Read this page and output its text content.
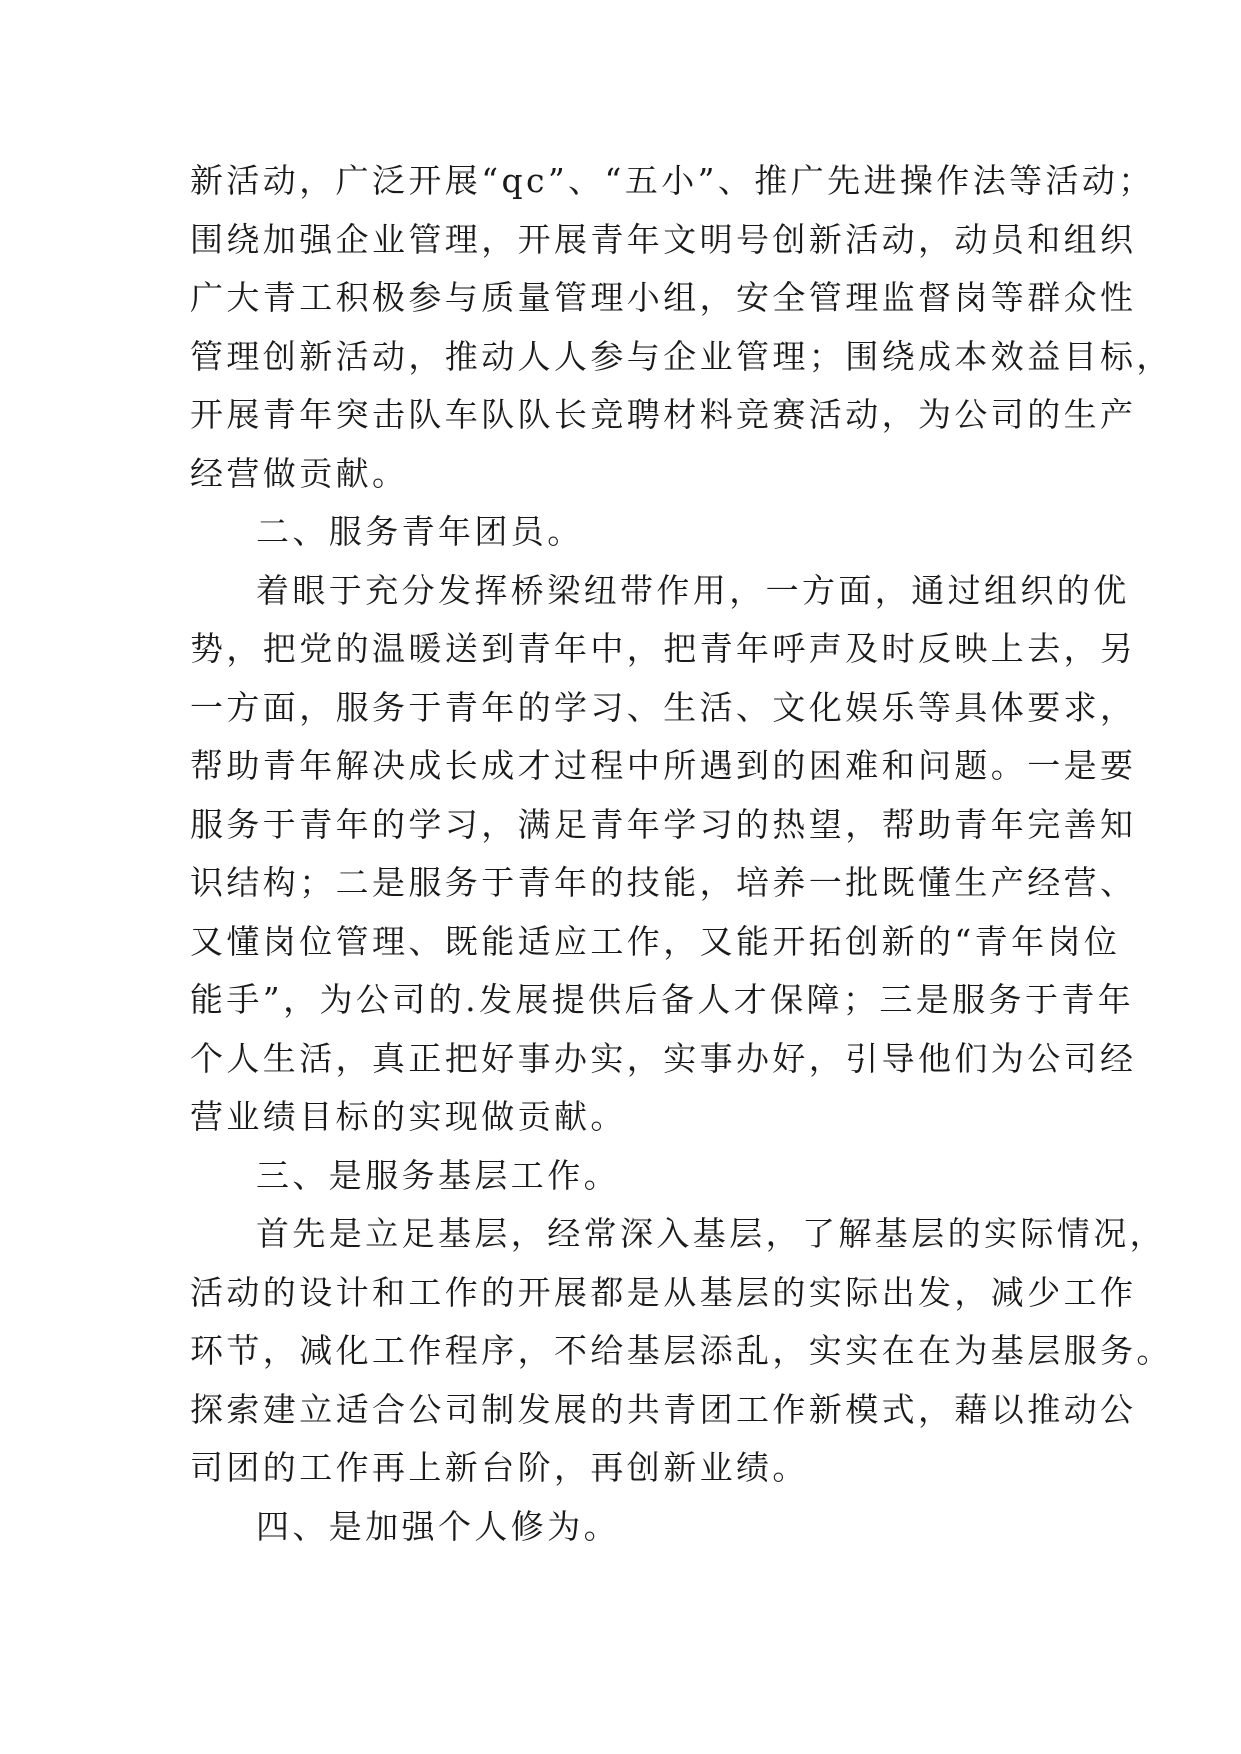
新活动，广泛开展“qc”、“五小”、推广先进操作法等活动；
围绕加强企业管理，开展青年文明号创新活动，动员和组织
广大青工积极参与质量管理小组，安全管理监督岗等群众性
管理创新活动，推动人人参与企业管理；围绕成本效益目标，
开展青年突击队车队队长竞聘材料竞赛活动，为公司的生产
经营做贡献。
二、服务青年团员。
着眼于充分发挥桥梁纽带作用，一方面，通过组织的优
势，把党的温暖送到青年中，把青年呼声及时反映上去，另
一方面，服务于青年的学习、生活、文化娱乐等具体要求，
帮助青年解决成长成才过程中所遇到的困难和问题。一是要
服务于青年的学习，满足青年学习的热望，帮助青年完善知
识结构；二是服务于青年的技能，培养一批既懂生产经营、
又懂岗位管理、既能适应工作，又能开拓创新的“青年岗位
能手”，为公司的.发展提供后备人才保障；三是服务于青年
个人生活，真正把好事办实，实事办好，引导他们为公司经
营业绩目标的实现做贡献。
三、是服务基层工作。
首先是立足基层，经常深入基层，了解基层的实际情况，
活动的设计和工作的开展都是从基层的实际出发，减少工作
环节，减化工作程序，不给基层添乱，实实在在为基层服务。
探索建立适合公司制发展的共青团工作新模式，藉以推动公
司团的工作再上新台阶，再创新业绩。
四、是加强个人修为。
